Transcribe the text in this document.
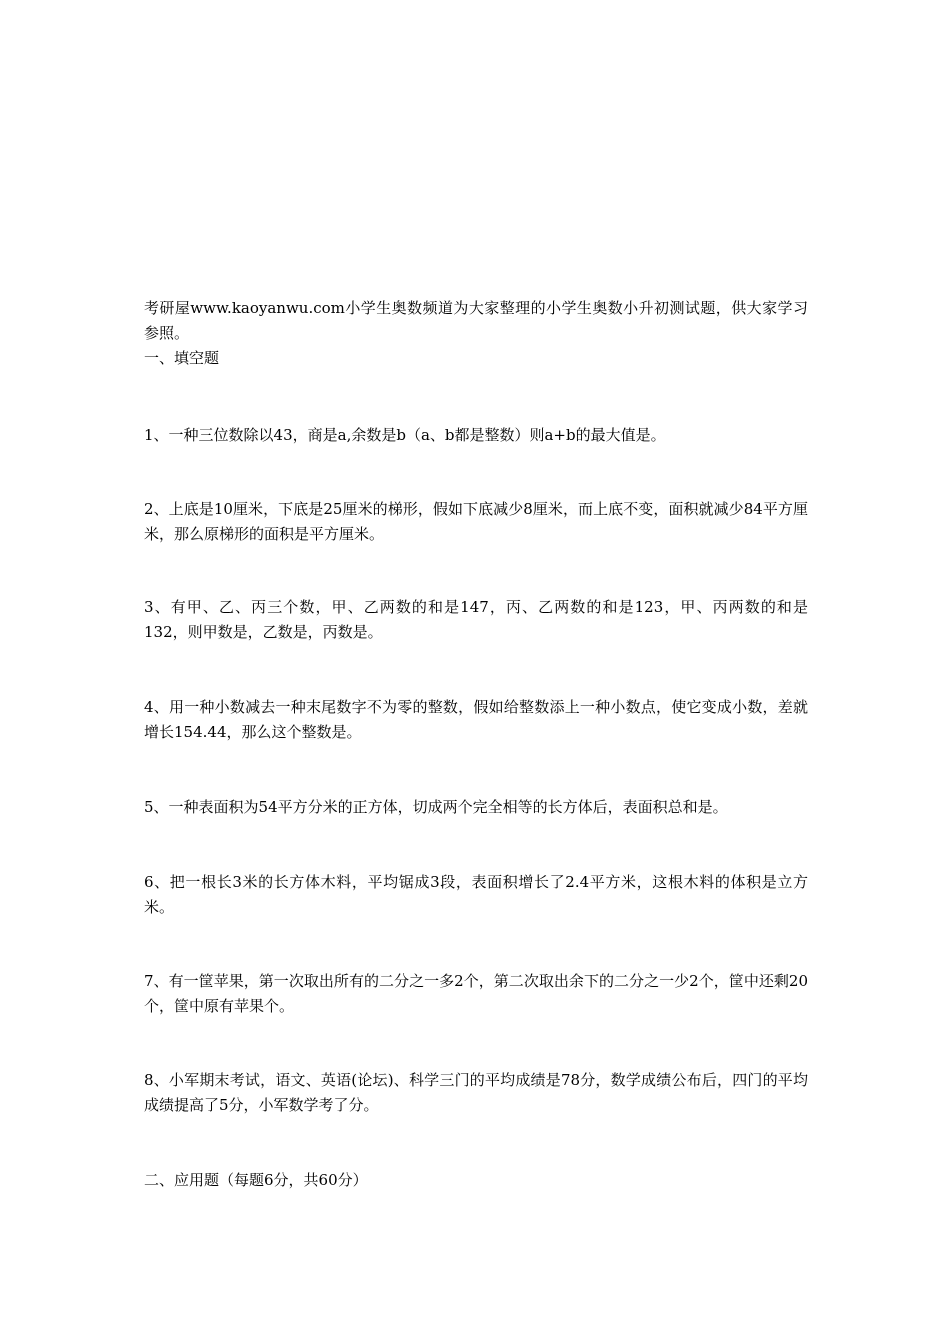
考研屋www.kaoyanwu.com小学生奥数频道为大家整理的小学生奥数小升初测试题，供大家学习参照。

一、填空题

1、一种三位数除以43，商是a,余数是b（a、b都是整数）则a+b的最大值是。

2、上底是10厘米，下底是25厘米的梯形，假如下底减少8厘米，而上底不变，面积就减少84平方厘米，那么原梯形的面积是平方厘米。

3、有甲、乙、丙三个数，甲、乙两数的和是147，丙、乙两数的和是123，甲、丙两数的和是132，则甲数是，乙数是，丙数是。

4、用一种小数减去一种末尾数字不为零的整数，假如给整数添上一种小数点，使它变成小数，差就增长154.44，那么这个整数是。

5、一种表面积为54平方分米的正方体，切成两个完全相等的长方体后，表面积总和是。

6、把一根长3米的长方体木料，平均锯成3段，表面积增长了2.4平方米，这根木料的体积是立方米。

7、有一筐苹果，第一次取出所有的二分之一多2个，第二次取出余下的二分之一少2个，筐中还剩20个，筐中原有苹果个。

8、小军期末考试，语文、英语(论坛)、科学三门的平均成绩是78分，数学成绩公布后，四门的平均成绩提高了5分，小军数学考了分。

二、应用题（每题6分，共60分）
